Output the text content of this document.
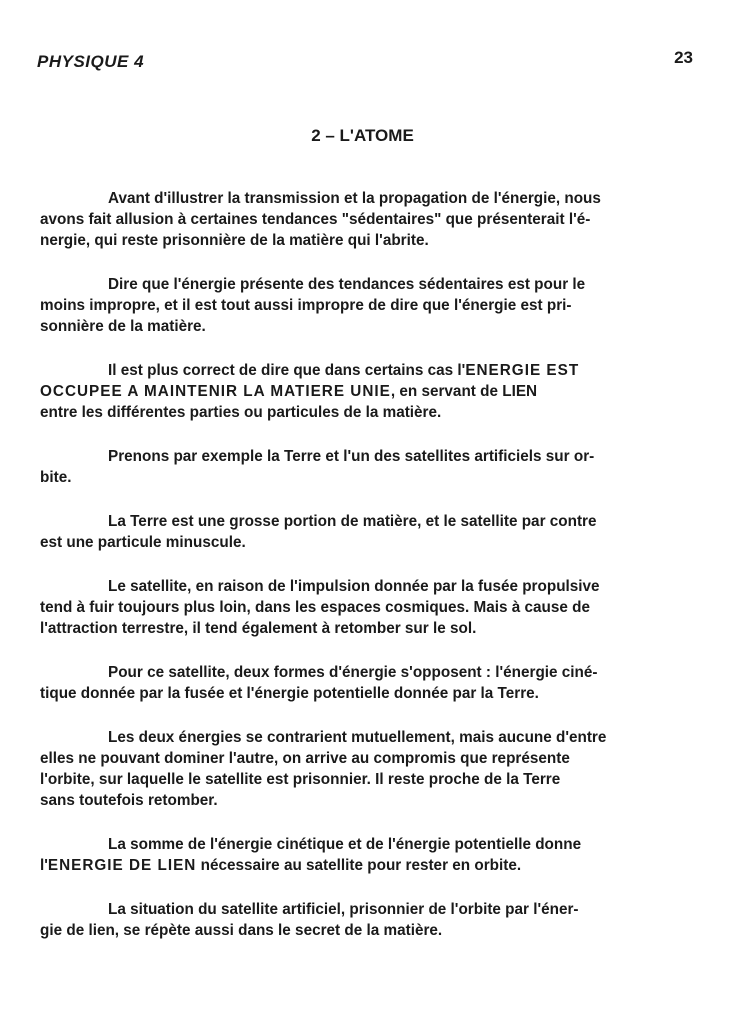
PHYSIQUE 4	23
2 – L'ATOME

Avant d'illustrer la transmission et la propagation de l'énergie, nous
avons fait allusion à certaines tendances "sédentaires" que présenterait l'é-
nergie, qui reste prisonnière de la matière qui l'abrite.

Dire que l'énergie présente des tendances sédentaires est pour le
moins impropre, et il est tout aussi impropre de dire que l'énergie est pri-
sonnière de la matière.

Il est plus correct de dire que dans certains cas l'ENERGIE EST
OCCUPEE A MAINTENIR LA MATIERE UNIE, en servant de LIEN
entre les différentes parties ou particules de la matière.

Prenons par exemple la Terre et l'un des satellites artificiels sur or-
bite.

La Terre est une grosse portion de matière, et le satellite par contre
est une particule minuscule.

Le satellite, en raison de l'impulsion donnée par la fusée propulsive
tend à fuir toujours plus loin, dans les espaces cosmiques. Mais à cause de
l'attraction terrestre, il tend également à retomber sur le sol.

Pour ce satellite, deux formes d'énergie s'opposent : l'énergie ciné-
tique donnée par la fusée et l'énergie potentielle donnée par la Terre.

Les deux énergies se contrarient mutuellement, mais aucune d'entre
elles ne pouvant dominer l'autre, on arrive au compromis que représente
l'orbite, sur laquelle le satellite est prisonnier. Il reste proche de la Terre
sans toutefois retomber.

La somme de l'énergie cinétique et de l'énergie potentielle donne
l'ENERGIE DE LIEN nécessaire au satellite pour rester en orbite.

La situation du satellite artificiel, prisonnier de l'orbite par l'éner-
gie de lien, se répète aussi dans le secret de la matière.
